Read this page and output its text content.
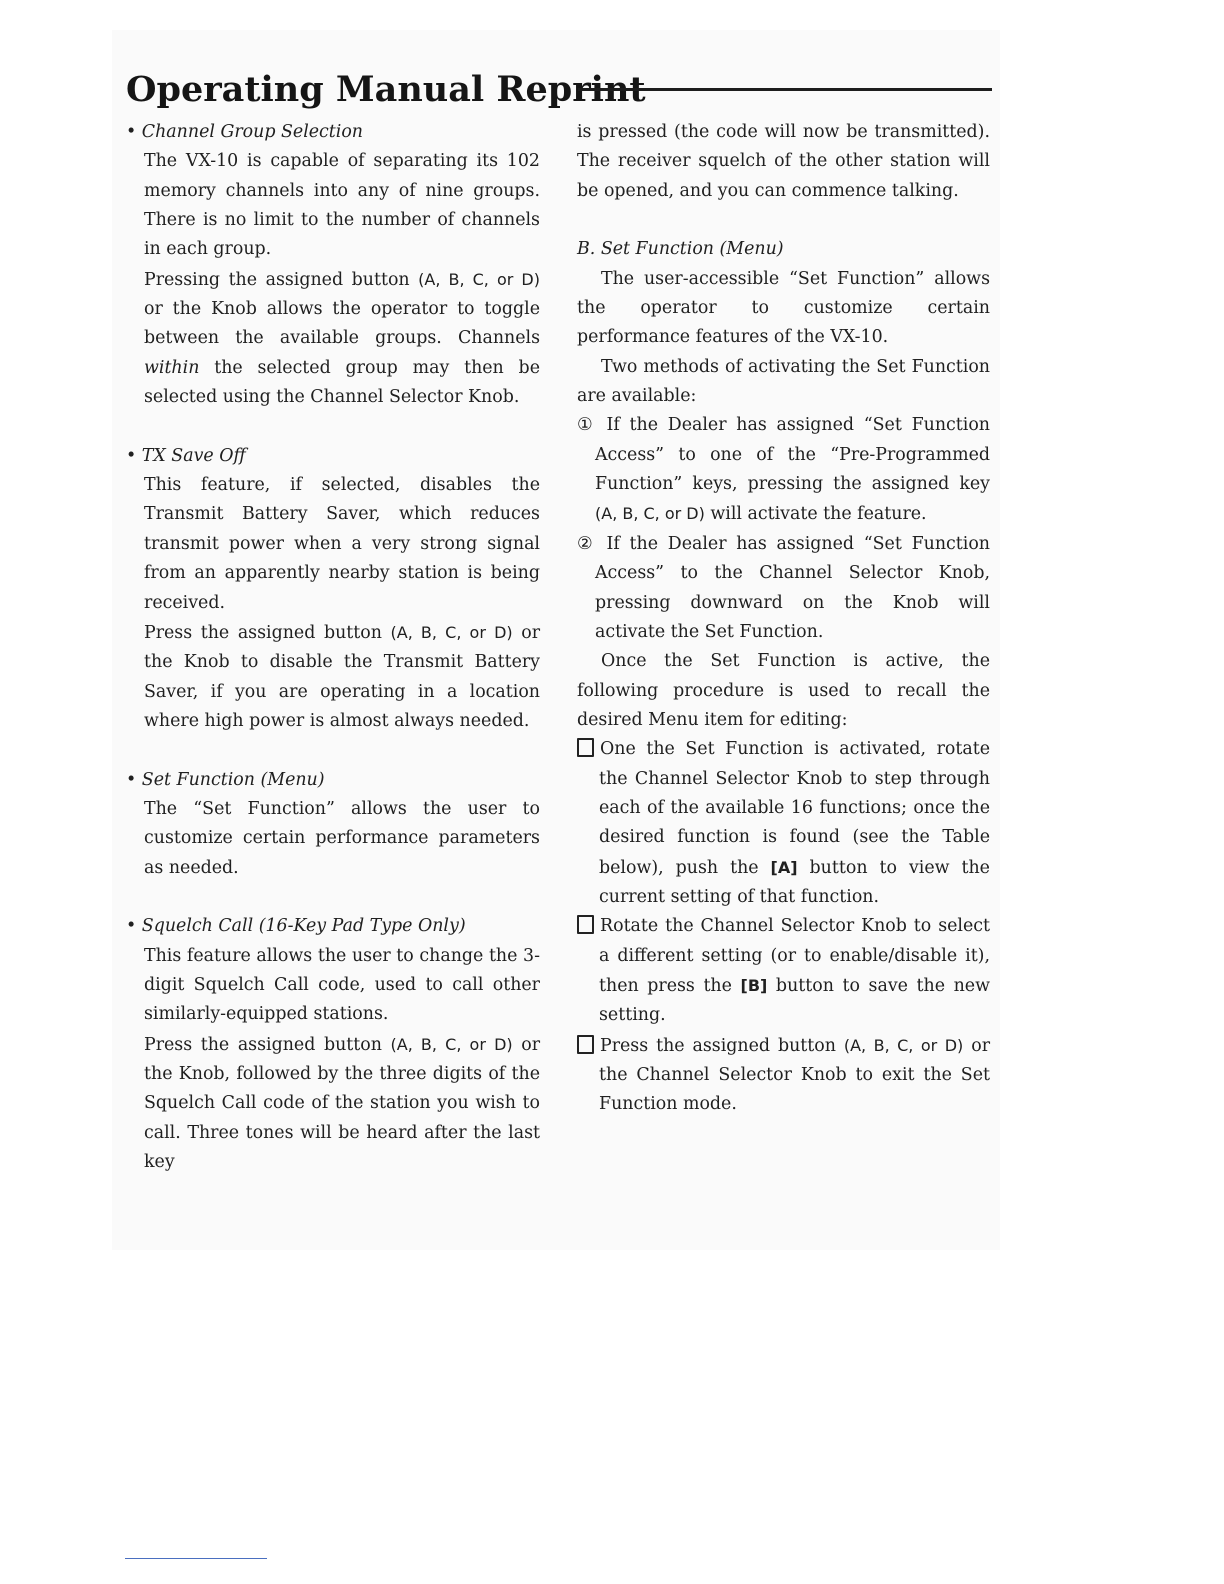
Operating Manual Reprint

• Channel Group Selection

The VX-10 is capable of separating its 102 memory channels into any of nine groups. There is no limit to the number of channels in each group.

Pressing the assigned button (A, B, C, or D) or the Knob allows the operator to toggle between the available groups. Channels within the selected group may then be selected using the Channel Selector Knob.

• TX Save Off

This feature, if selected, disables the Transmit Battery Saver, which reduces transmit power when a very strong signal from an apparently nearby station is being received.

Press the assigned button (A, B, C, or D) or the Knob to disable the Transmit Battery Saver, if you are operating in a location where high power is almost always needed.

• Set Function (Menu)

The “Set Function” allows the user to customize certain performance parameters as needed.

• Squelch Call (16-Key Pad Type Only)

This feature allows the user to change the 3-digit Squelch Call code, used to call other similarly-equipped stations.

Press the assigned button (A, B, C, or D) or the Knob, followed by the three digits of the Squelch Call code of the station you wish to call. Three tones will be heard after the last key

is pressed (the code will now be transmitted). The receiver squelch of the other station will be opened, and you can commence talking.

B. Set Function (Menu)

The user-accessible “Set Function” allows the operator to customize certain performance features of the VX-10.

Two methods of activating the Set Function are available:

① If the Dealer has assigned “Set Function Access” to one of the “Pre-Programmed Function” keys, pressing the assigned key (A, B, C, or D) will activate the feature.

② If the Dealer has assigned “Set Function Access” to the Channel Selector Knob, pressing downward on the Knob will activate the Set Function.

Once the Set Function is active, the following procedure is used to recall the desired Menu item for editing:

One the Set Function is activated, rotate the Channel Selector Knob to step through each of the available 16 functions; once the desired function is found (see the Table below), push the [A] button to view the current setting of that function.

Rotate the Channel Selector Knob to select a different setting (or to enable/disable it), then press the [B] button to save the new setting.

Press the assigned button (A, B, C, or D) or the Channel Selector Knob to exit the Set Function mode.
